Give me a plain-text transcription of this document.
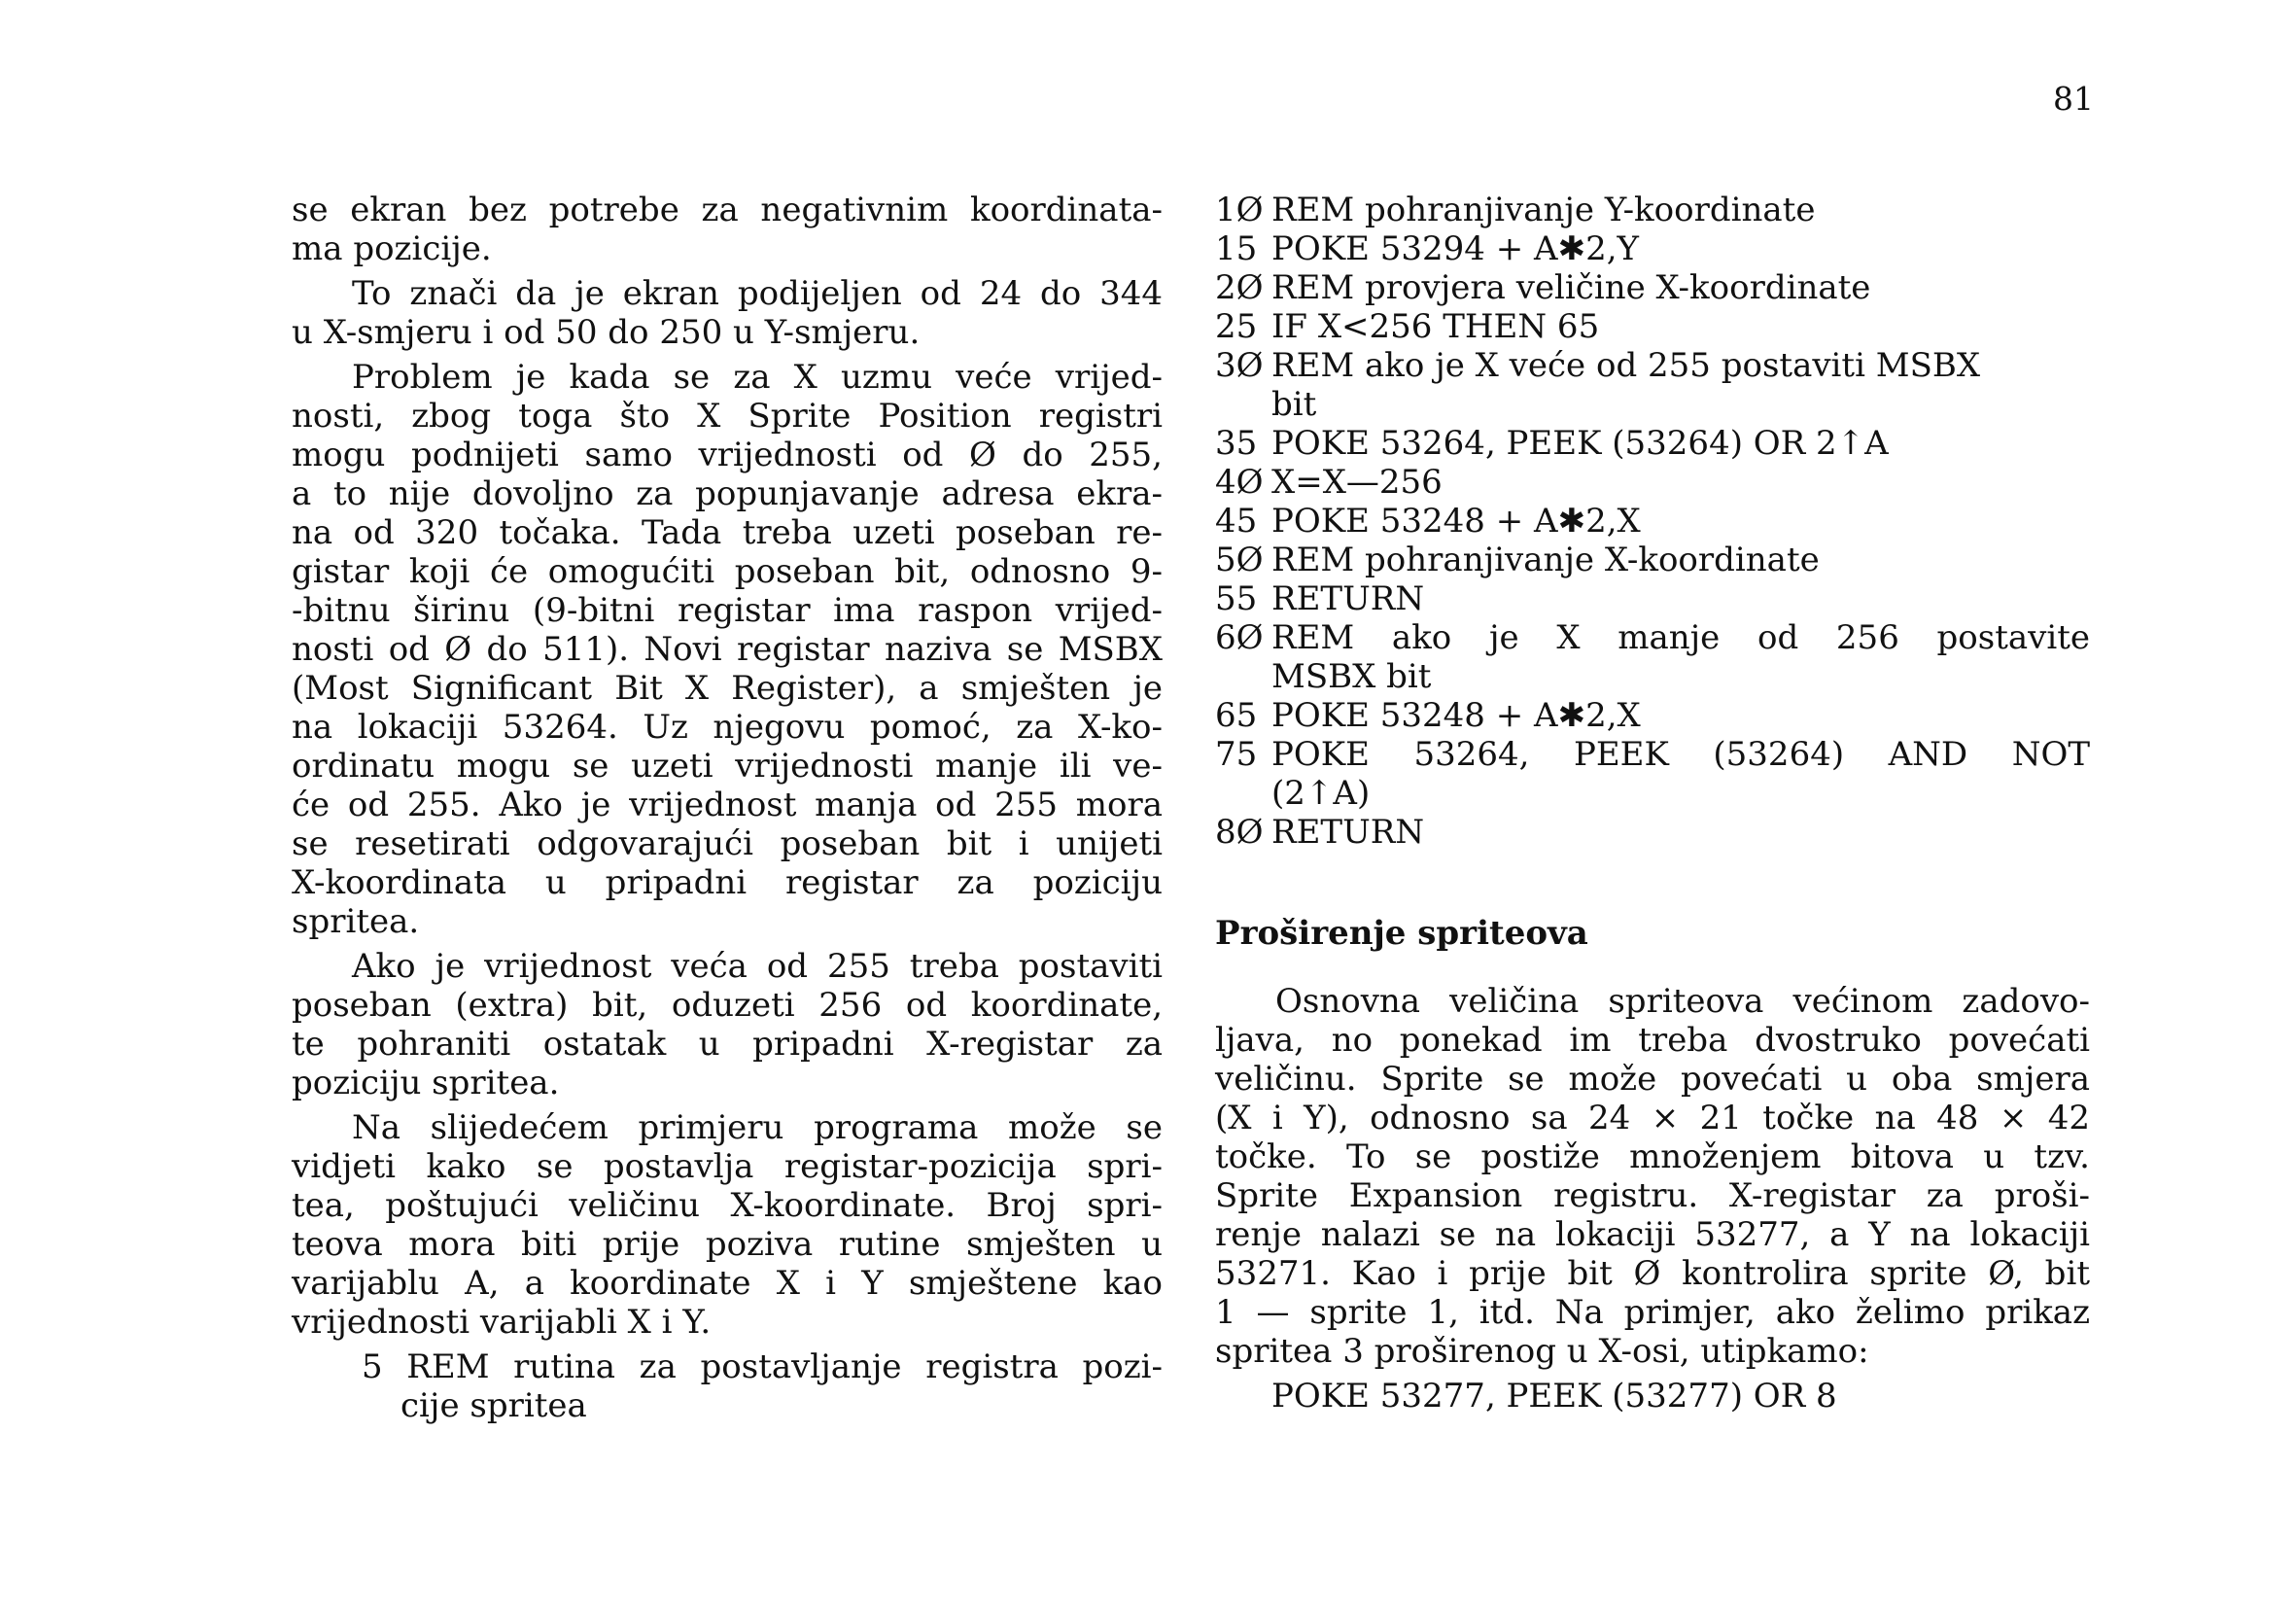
81

se ekran bez potrebe za negativnim koordinata-
ma pozicije.

To znači da je ekran podijeljen od 24 do 344
u X-smjeru i od 50 do 250 u Y-smjeru.

Problem je kada se za X uzmu veće vrijed-
nosti, zbog toga što X Sprite Position registri
mogu podnijeti samo vrijednosti od Ø do 255,
a to nije dovoljno za popunjavanje adresa ekra-
na od 320 točaka. Tada treba uzeti poseban re-
gistar koji će omogućiti poseban bit, odnosno 9-
-bitnu širinu (9-bitni registar ima raspon vrijed-
nosti od Ø do 511). Novi registar naziva se MSBX
(Most Significant Bit X Register), a smješten je
na lokaciji 53264. Uz njegovu pomoć, za X-ko-
ordinatu mogu se uzeti vrijednosti manje ili ve-
će od 255. Ako je vrijednost manja od 255 mora
se resetirati odgovarajući poseban bit i unijeti
X-koordinata u pripadni registar za poziciju
spritea.

Ako je vrijednost veća od 255 treba postaviti
poseban (extra) bit, oduzeti 256 od koordinate,
te pohraniti ostatak u pripadni X-registar za
poziciju spritea.

Na slijedećem primjeru programa može se
vidjeti kako se postavlja registar-pozicija spri-
tea, poštujući veličinu X-koordinate. Broj spri-
teova mora biti prije poziva rutine smješten u
varijablu A, a koordinate X i Y smještene kao
vrijednosti varijabli X i Y.

5 REM rutina za postavljanje registra pozi-
cije spritea
1Ø REM pohranjivanje Y-koordinate
15 POKE 53294 + A✱2,Y
2Ø REM provjera veličine X-koordinate
25 IF X<256 THEN 65
3Ø REM ako je X veće od 255 postaviti MSBX
bit
35 POKE 53264, PEEK (53264) OR 2↑A
4Ø X=X—256
45 POKE 53248 + A✱2,X
5Ø REM pohranjivanje X-koordinate
55 RETURN
6Ø REM ako je X manje od 256 postavite
MSBX bit
65 POKE 53248 + A✱2,X
75 POKE 53264, PEEK (53264) AND NOT
(2↑A)
8Ø RETURN
Proširenje spriteova

Osnovna veličina spriteova većinom zadovo-
ljava, no ponekad im treba dvostruko povećati
veličinu. Sprite se može povećati u oba smjera
(X i Y), odnosno sa 24 × 21 točke na 48 × 42
točke. To se postiže množenjem bitova u tzv.
Sprite Expansion registru. X-registar za proši-
renje nalazi se na lokaciji 53277, a Y na lokaciji
53271. Kao i prije bit Ø kontrolira sprite Ø, bit
1 — sprite 1, itd. Na primjer, ako želimo prikaz
spritea 3 proširenog u X-osi, utipkamo:

POKE 53277, PEEK (53277) OR 8
